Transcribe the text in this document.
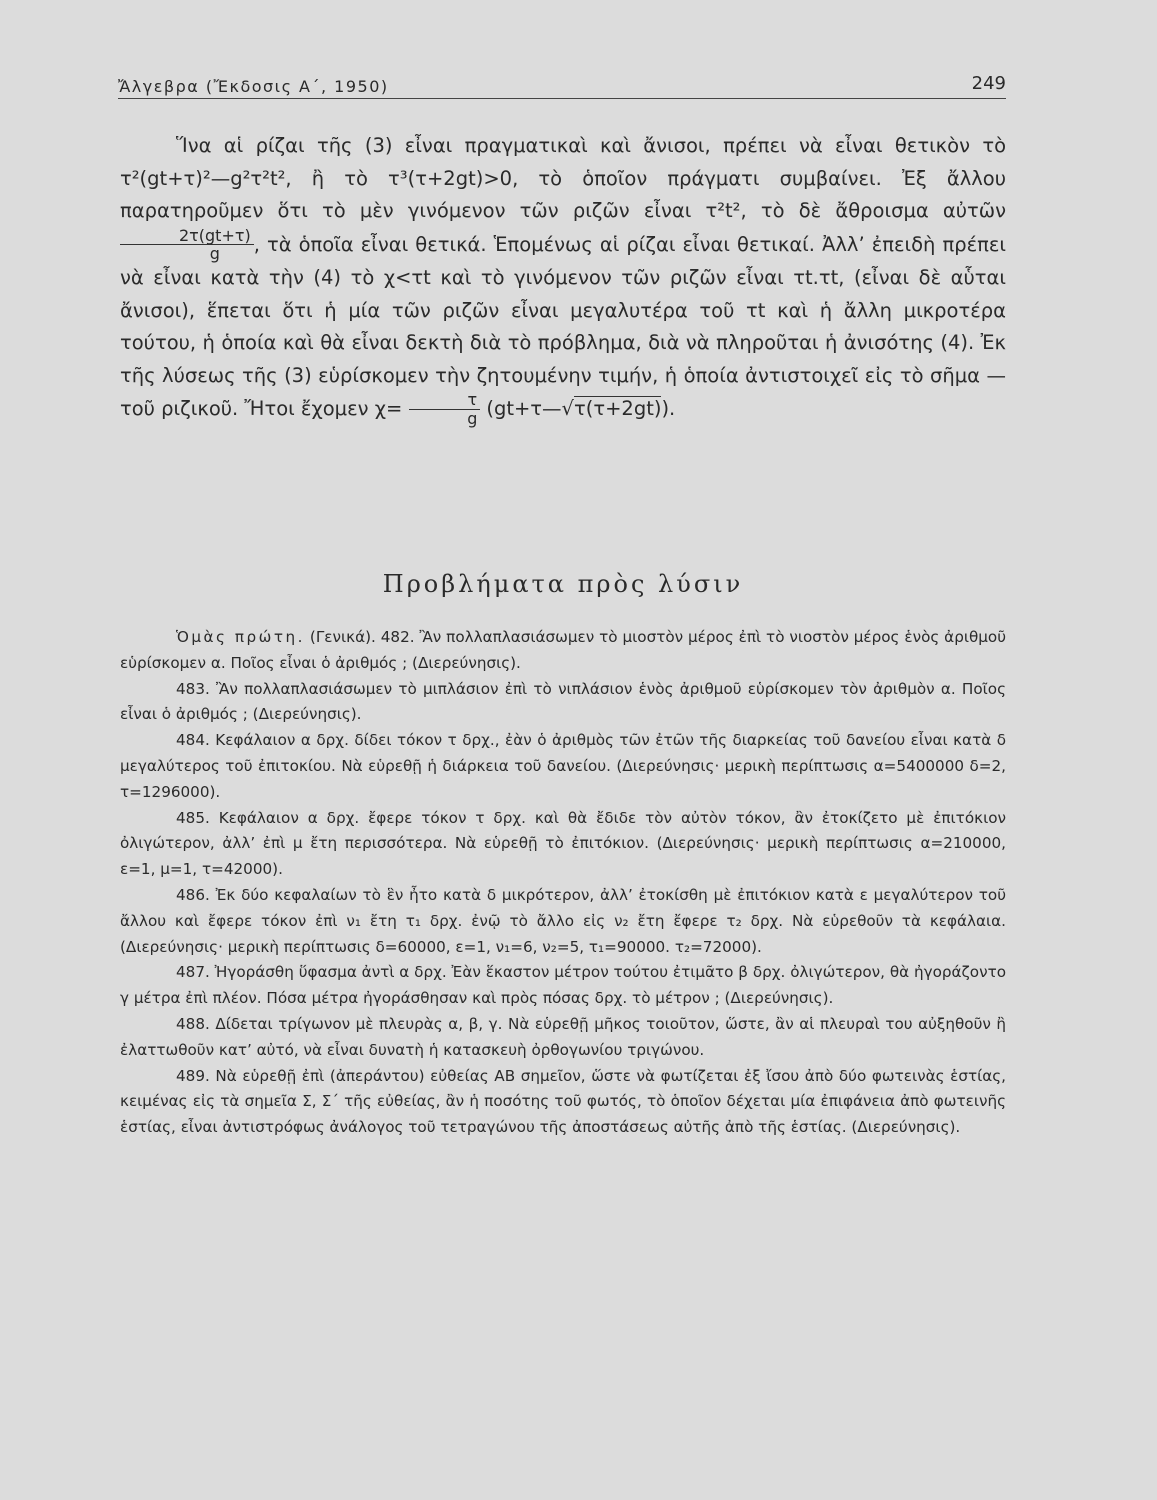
Ἄλγεβρα (Ἔκδοσις Α΄, 1950)	249

Ἵνα αἱ ρίζαι τῆς (3) εἶναι πραγματικαὶ καὶ ἄνισοι, πρέπει νὰ εἶναι θετικὸν τὸ τ²(gt+τ)²—g²τ²t², ἢ τὸ τ³(τ+2gt)>0, τὸ ὁποῖον πράγματι συμβαίνει. Ἐξ ἄλλου παρατηροῦμεν ὅτι τὸ μὲν γινόμενον τῶν ριζῶν εἶναι τ²t², τὸ δὲ ἄθροισμα αὐτῶν
$\frac{2\tau(gt+\tau)}{g}$ , τὰ ὁποῖα εἶναι θετικά. Ἑπομένως αἱ ρίζαι εἶναι θετικαί. Ἀλλ’ ἐπειδὴ πρέπει νὰ εἶναι κατὰ τὴν (4) τὸ χ<τt καὶ τὸ γινόμενον τῶν ριζῶν εἶναι τt.τt, (εἶναι δὲ αὗται ἄνισοι), ἕπεται ὅτι ἡ μία τῶν ριζῶν εἶναι μεγαλυτέρα τοῦ τt καὶ ἡ ἄλλη μικροτέρα τούτου, ἡ ὁποία καὶ θὰ εἶναι δεκτὴ διὰ τὸ πρόβλημα, διὰ νὰ πληροῦται ἡ ἀνισότης (4). Ἐκ τῆς λύσεως τῆς (3) εὑρίσκομεν τὴν ζητουμένην τιμήν, ἡ ὁποία ἀντιστοιχεῖ εἰς τὸ σῆμα — τοῦ ριζικοῦ. Ἤτοι ἔχομεν $\chi= \frac{\tau}{g}$ (gt+τ—√τ(τ+2gt)).

Προβλήματα πρὸς λύσιν

Ὁμὰς πρώτη. (Γενικά). 482. Ἂν πολλαπλασιάσωμεν τὸ μιοστὸν μέρος ἐπὶ τὸ νιοστὸν μέρος ἑνὸς ἀριθμοῦ εὑρίσκομεν α. Ποῖος εἶναι ὁ ἀριθμός ; (Διερεύνησις).

483. Ἂν πολλαπλασιάσωμεν τὸ μιπλάσιον ἐπὶ τὸ νιπλάσιον ἑνὸς ἀριθμοῦ εὑρίσκομεν τὸν ἀριθμὸν α. Ποῖος εἶναι ὁ ἀριθμός ; (Διερεύνησις).

484. Κεφάλαιον α δρχ. δίδει τόκον τ δρχ., ἐὰν ὁ ἀριθμὸς τῶν ἐτῶν τῆς διαρκείας τοῦ δανείου εἶναι κατὰ δ μεγαλύτερος τοῦ ἐπιτοκίου. Νὰ εὑρεθῇ ἡ διάρκεια τοῦ δανείου. (Διερεύνησις· μερικὴ περίπτωσις α=5400000 δ=2, τ=1296000).

485. Κεφάλαιον α δρχ. ἔφερε τόκον τ δρχ. καὶ θὰ ἔδιδε τὸν αὐτὸν τόκον, ἂν ἐτοκίζετο μὲ ἐπιτόκιον ὀλιγώτερον, ἀλλ’ ἐπὶ μ ἔτη περισσότερα. Νὰ εὑρεθῇ τὸ ἐπιτόκιον. (Διερεύνησις· μερικὴ περίπτωσις α=210000, ε=1, μ=1, τ=42000).

486. Ἐκ δύο κεφαλαίων τὸ ἓν ἦτο κατὰ δ μικρότερον, ἀλλ’ ἐτοκίσθη μὲ ἐπιτόκιον κατὰ ε μεγαλύτερον τοῦ ἄλλου καὶ ἔφερε τόκον ἐπὶ ν₁ ἔτη τ₁ δρχ. ἐνῷ τὸ ἄλλο εἰς ν₂ ἔτη ἔφερε τ₂ δρχ. Νὰ εὑρεθοῦν τὰ κεφάλαια. (Διερεύνησις· μερικὴ περίπτωσις δ=60000, ε=1, ν₁=6, ν₂=5, τ₁=90000. τ₂=72000).

487. Ἠγοράσθη ὕφασμα ἀντὶ α δρχ. Ἐὰν ἕκαστον μέτρον τούτου ἐτιμᾶτο β δρχ. ὀλιγώτερον, θὰ ἠγοράζοντο γ μέτρα ἐπὶ πλέον. Πόσα μέτρα ἠγοράσθησαν καὶ πρὸς πόσας δρχ. τὸ μέτρον ; (Διερεύνησις).

488. Δίδεται τρίγωνον μὲ πλευρὰς α, β, γ. Νὰ εὑρεθῇ μῆκος τοιοῦτον, ὥστε, ἂν αἱ πλευραὶ του αὐξηθοῦν ἢ ἐλαττωθοῦν κατ’ αὐτό, νὰ εἶναι δυνατὴ ἡ κατασκευὴ ὀρθογωνίου τριγώνου.

489. Νὰ εὑρεθῇ ἐπὶ (ἀπεράντου) εὐθείας ΑΒ σημεῖον, ὥστε νὰ φωτίζεται ἐξ ἴσου ἀπὸ δύο φωτεινὰς ἑστίας, κειμένας εἰς τὰ σημεῖα Σ, Σ΄ τῆς εὐθείας, ἂν ἡ ποσότης τοῦ φωτός, τὸ ὁποῖον δέχεται μία ἐπιφάνεια ἀπὸ φωτεινῆς ἑστίας, εἶναι ἀντιστρόφως ἀνάλογος τοῦ τετραγώνου τῆς ἀποστάσεως αὐτῆς ἀπὸ τῆς ἑστίας. (Διερεύνησις).
